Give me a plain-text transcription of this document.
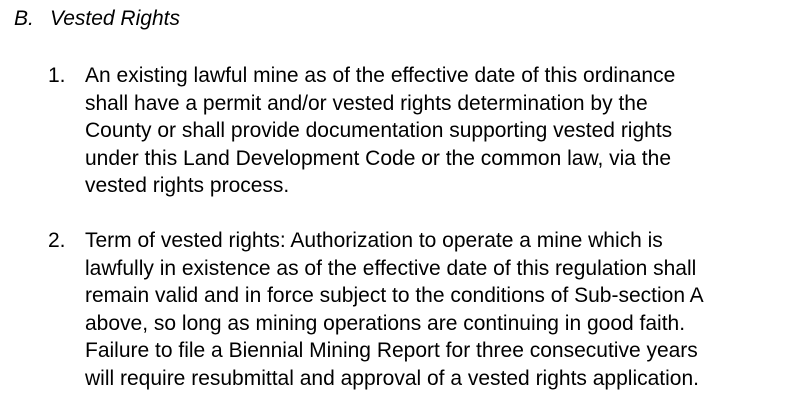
B. Vested Rights
1. An existing lawful mine as of the effective date of this ordinance
shall have a permit and/or vested rights determination by the
County or shall provide documentation supporting vested rights
under this Land Development Code or the common law, via the
vested rights process.
2. Term of vested rights: Authorization to operate a mine which is
lawfully in existence as of the effective date of this regulation shall
remain valid and in force subject to the conditions of Sub-section A
above, so long as mining operations are continuing in good faith.
Failure to file a Biennial Mining Report for three consecutive years
will require resubmittal and approval of a vested rights application.
